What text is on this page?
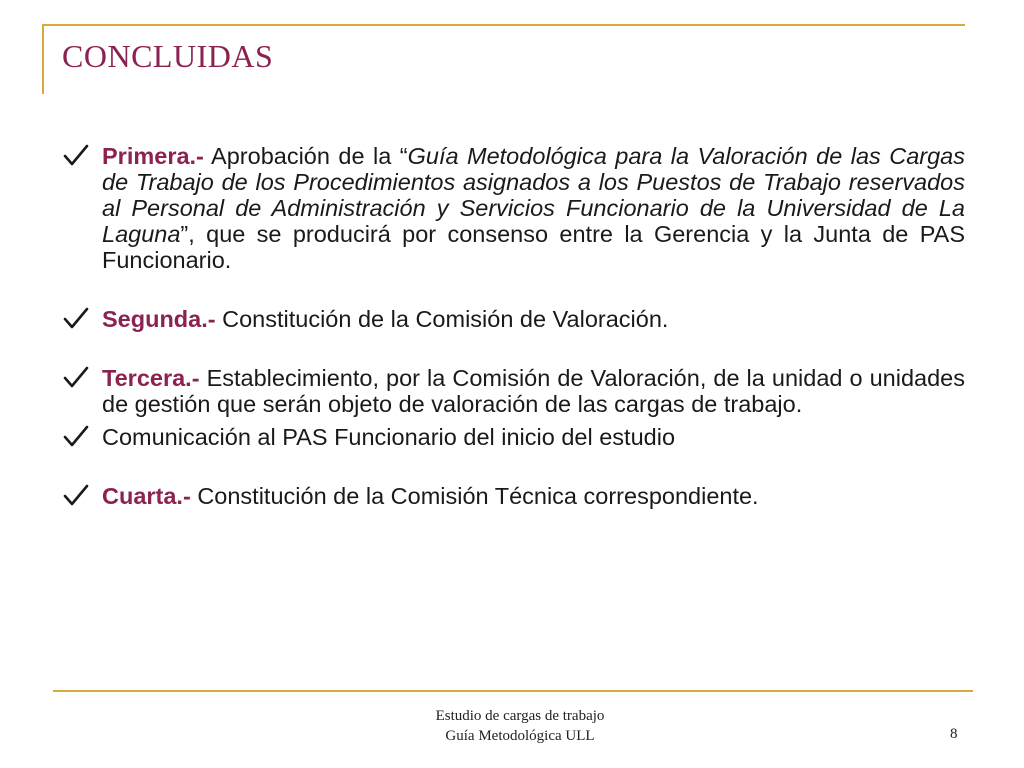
CONCLUIDAS
Primera.- Aprobación de la “Guía Metodológica para la Valoración de las Cargas de Trabajo de los Procedimientos asignados a los Puestos de Trabajo reservados al Personal de Administración y Servicios Funcionario de la Universidad de La Laguna”, que se producirá por consenso entre la Gerencia y la Junta de PAS Funcionario.
Segunda.- Constitución de la Comisión de Valoración.
Tercera.- Establecimiento, por la Comisión de Valoración, de la unidad o unidades de gestión que serán objeto de valoración de las cargas de trabajo.
Comunicación al PAS Funcionario del inicio del estudio
Cuarta.- Constitución de la Comisión Técnica correspondiente.
Estudio de cargas de trabajo
Guía Metodológica ULL	8
